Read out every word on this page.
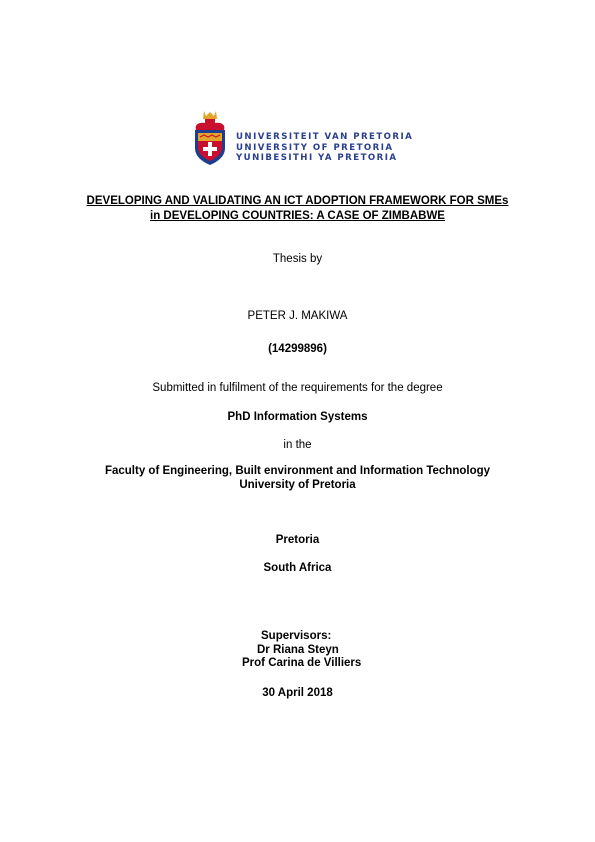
UNIVERSITEIT VAN PRETORIA
UNIVERSITY OF PRETORIA
YUNIBESITHI YA PRETORIA
DEVELOPING AND VALIDATING AN ICT ADOPTION FRAMEWORK FOR SMEs
in DEVELOPING COUNTRIES: A CASE OF ZIMBABWE
Thesis by
PETER J. MAKIWA
(14299896)
Submitted in fulfilment of the requirements for the degree
PhD Information Systems
in the
Faculty of Engineering, Built environment and Information Technology
University of Pretoria
Pretoria
South Africa
Supervisors:
Dr Riana Steyn
Prof Carina de Villiers
30 April 2018
